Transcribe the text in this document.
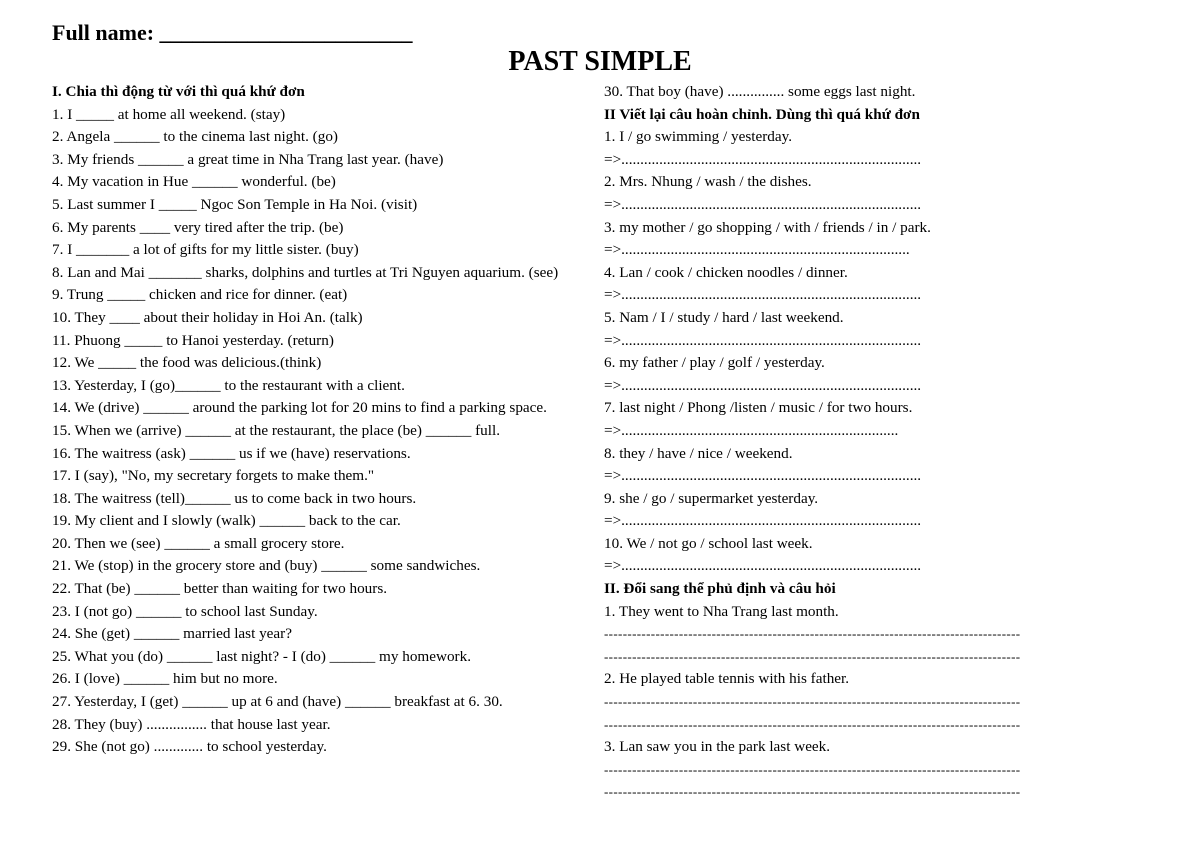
Full name: _______________________
PAST SIMPLE
I. Chia thì động từ với thì quá khứ đơn
1. I _____ at home all weekend. (stay)
2. Angela ______ to the cinema last night. (go)
3. My friends ______ a great time in Nha Trang last year. (have)
4. My vacation in Hue ______ wonderful. (be)
5. Last summer I _____ Ngoc Son Temple in Ha Noi. (visit)
6. My parents ____ very tired after the trip. (be)
7. I _______ a lot of gifts for my little sister. (buy)
8. Lan and Mai _______ sharks, dolphins and turtles at Tri Nguyen aquarium. (see)
9. Trung _____ chicken and rice for dinner. (eat)
10. They ____ about their holiday in Hoi An. (talk)
11. Phuong _____ to Hanoi yesterday. (return)
12. We _____ the food was delicious.(think)
13. Yesterday, I (go)______ to the restaurant with a client.
14. We (drive) ______ around the parking lot for 20 mins to find a parking space.
15. When we (arrive) ______ at the restaurant, the place (be) ______ full.
16. The waitress (ask) ______ us if we (have) reservations.
17. I (say), "No, my secretary forgets to make them."
18. The waitress (tell)______ us to come back in two hours.
19. My client and I slowly (walk) ______ back to the car.
20. Then we (see) ______ a small grocery store.
21. We (stop) in the grocery store and (buy) ______ some sandwiches.
22. That (be) ______ better than waiting for two hours.
23. I (not go) ______ to school last Sunday.
24. She (get) ______ married last year?
25. What you (do) ______ last night? - I (do) ______ my homework.
26. I (love) ______ him but no more.
27. Yesterday, I (get) ______ up at 6 and (have) ______ breakfast at 6. 30.
28. They (buy) ................ that house last year.
29. She (not go) ............. to school yesterday.
30. That boy (have) ............... some eggs last night.
II Viết lại câu hoàn chỉnh. Dùng thì quá khứ đơn
1. I / go swimming / yesterday.
=>...............................................................................
2. Mrs. Nhung / wash / the dishes.
=>...............................................................................
3. my mother / go shopping / with / friends / in / park.
=>............................................................................
4. Lan / cook / chicken noodles / dinner.
=>...............................................................................
5. Nam / I / study / hard / last weekend.
=>...............................................................................
6. my father / play / golf / yesterday.
=>...............................................................................
7. last night / Phong /listen / music / for two hours.
=>.........................................................................
8. they / have / nice / weekend.
=>...............................................................................
9. she / go / supermarket yesterday.
=>...............................................................................
10. We / not go / school last week.
=>...............................................................................
II. Đổi sang thể phủ định và câu hỏi
1. They went to Nha Trang last month.
-----------------------------------------------------------------------------------------
-----------------------------------------------------------------------------------------
2. He played table tennis with his father.
-----------------------------------------------------------------------------------------
-----------------------------------------------------------------------------------------
3. Lan saw you in the park last week.
-----------------------------------------------------------------------------------------
-----------------------------------------------------------------------------------------
